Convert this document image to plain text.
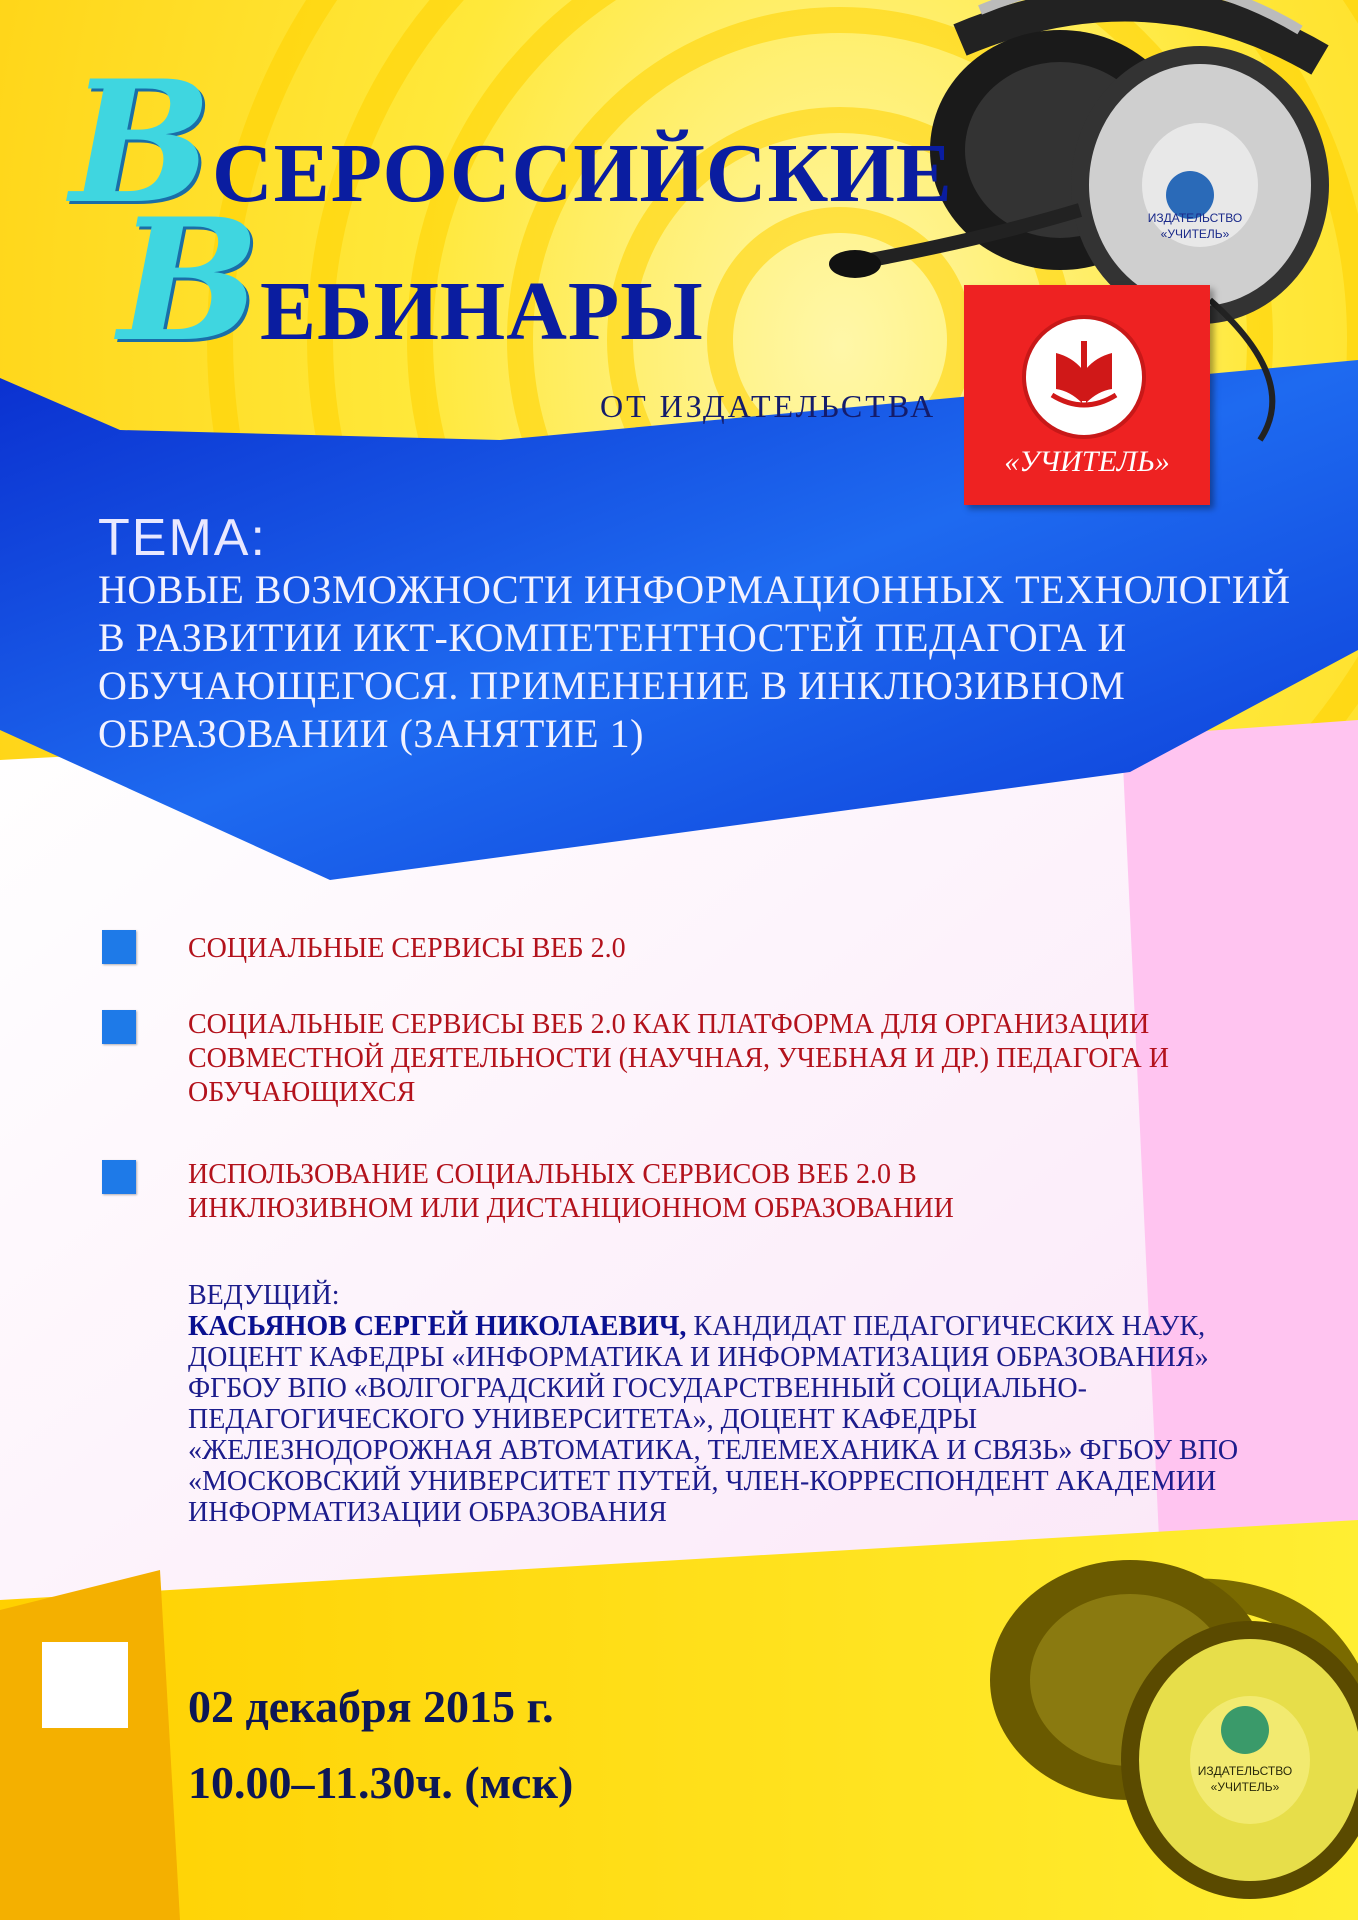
ИЗДАТЕЛЬСТВО
«УЧИТЕЛЬ»
ИЗДАТЕЛЬСТВО
«УЧИТЕЛЬ»
ВСЕРОССИЙСКИЕ
ВЕБИНАРЫ
ОТ ИЗДАТЕЛЬСТВА
«УЧИТЕЛЬ»
ТЕМА:
НОВЫЕ ВОЗМОЖНОСТИ ИНФОРМАЦИОННЫХ ТЕХНОЛОГИЙ В РАЗВИТИИ ИКТ-КОМПЕТЕНТНОСТЕЙ ПЕДАГОГА И ОБУЧАЮЩЕГОСЯ. ПРИМЕНЕНИЕ В ИНКЛЮЗИВНОМ ОБРАЗОВАНИИ (ЗАНЯТИЕ 1)
СОЦИАЛЬНЫЕ СЕРВИСЫ ВЕБ 2.0
СОЦИАЛЬНЫЕ СЕРВИСЫ ВЕБ 2.0 КАК ПЛАТФОРМА ДЛЯ ОРГАНИЗАЦИИ СОВМЕСТНОЙ ДЕЯТЕЛЬНОСТИ (НАУЧНАЯ, УЧЕБНАЯ И ДР.) ПЕДАГОГА И ОБУЧАЮЩИХСЯ
ИСПОЛЬЗОВАНИЕ СОЦИАЛЬНЫХ СЕРВИСОВ ВЕБ 2.0 В ИНКЛЮЗИВНОМ ИЛИ ДИСТАНЦИОННОМ ОБРАЗОВАНИИ
ВЕДУЩИЙ:
КАСЬЯНОВ СЕРГЕЙ НИКОЛАЕВИЧ, КАНДИДАТ ПЕДАГОГИЧЕСКИХ НАУК, ДОЦЕНТ КАФЕДРЫ «ИНФОРМАТИКА И ИНФОРМАТИЗАЦИЯ ОБРАЗОВАНИЯ» ФГБОУ ВПО «ВОЛГОГРАДСКИЙ ГОСУДАРСТВЕННЫЙ СОЦИАЛЬНО-ПЕДАГОГИЧЕСКОГО УНИВЕРСИТЕТА», ДОЦЕНТ КАФЕДРЫ «ЖЕЛЕЗНОДОРОЖНАЯ АВТОМАТИКА, ТЕЛЕМЕХАНИКА И СВЯЗЬ» ФГБОУ ВПО «МОСКОВСКИЙ УНИВЕРСИТЕТ ПУТЕЙ, ЧЛЕН-КОРРЕСПОНДЕНТ АКАДЕМИИ ИНФОРМАТИЗАЦИИ ОБРАЗОВАНИЯ
02 декабря 2015 г.
10.00–11.30ч. (мск)
